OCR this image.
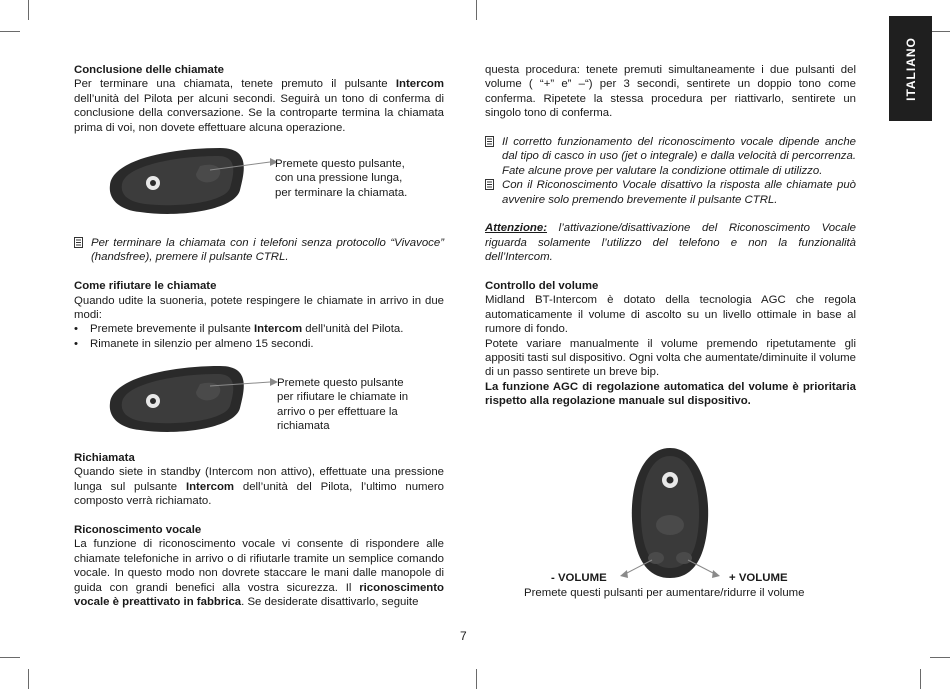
ITALIANO

Conclusione delle chiamate

Per terminare una chiamata, tenete premuto il pulsante Intercom dell’unità del Pilota per alcuni secondi. Seguirà un tono di conferma di conclusione della conversazione. Se la controparte termina la chiamata prima di voi, non dovete effettuare alcuna operazione.

Premete questo pulsante, con una pressione lunga, per terminare la chiamata.
Per terminare la chiamata con i telefoni senza protocollo “Vivavoce” (handsfree), premere il pulsante CTRL.

Come rifiutare le chiamate

Quando udite la suoneria, potete respingere le chiamate in arrivo in due modi:

• Premete brevemente il pulsante Intercom dell’unità del Pilota.
• Rimanete in silenzio per almeno 15 secondi.
Premete questo pulsante per rifiutare le chiamate in arrivo o per effettuare la richiamata

Richiamata

Quando siete in standby (Intercom non attivo), effettuate una pressione lunga sul pulsante Intercom dell’unità del Pilota, l’ultimo numero composto verrà richiamato.

Riconoscimento vocale

La funzione di riconoscimento vocale vi consente di rispondere alle chiamate telefoniche in arrivo o di rifiutarle tramite un semplice comando vocale. In questo modo non dovrete staccare le mani dalle manopole di guida con grandi benefici alla vostra sicurezza. Il riconoscimento vocale è preattivato in fabbrica. Se desiderate disattivarlo, seguite

questa procedura: tenete premuti simultaneamente i due pulsanti del volume ( “+” e” –“) per 3 secondi, sentirete un doppio tono come conferma. Ripetete la stessa procedura per riattivarlo, sentirete un singolo tono di conferma.

Il corretto funzionamento del riconoscimento vocale dipende anche dal tipo di casco in uso (jet o integrale) e dalla velocità di percorrenza. Fate alcune prove per valutare la condizione ottimale di utilizzo.
Con il Riconoscimento Vocale disattivo la risposta alle chiamate può avvenire solo premendo brevemente il pulsante CTRL.

Attenzione: l’attivazione/disattivazione del Riconoscimento Vocale riguarda solamente l’utilizzo del telefono e non la funzionalità dell’Intercom.

Controllo del volume

Midland BT-Intercom è dotato della tecnologia AGC che regola automaticamente il volume di ascolto su un livello ottimale in base al rumore di fondo.

Potete variare manualmente il volume premendo ripetutamente gli appositi tasti sul dispositivo. Ogni volta che aumentate/diminuite il volume di un passo sentirete un breve bip.

La funzione AGC di regolazione automatica del volume è prioritaria rispetto alla regolazione manuale sul dispositivo.

- VOLUME	+ VOLUME
Premete questi pulsanti per aumentare/ridurre il volume
7
